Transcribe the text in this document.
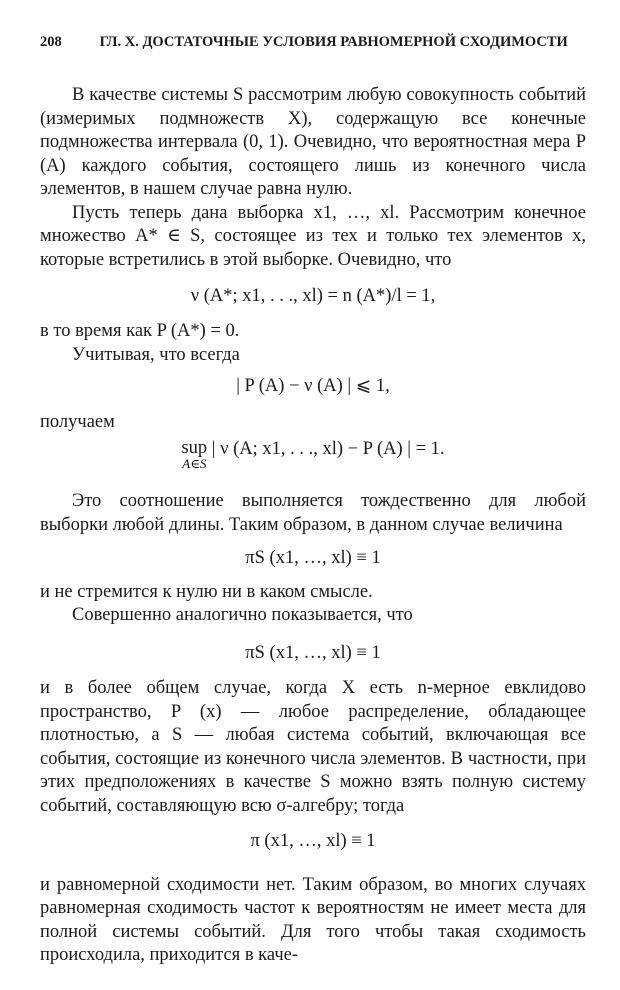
208	ГЛ. X. ДОСТАТОЧНЫЕ УСЛОВИЯ РАВНОМЕРНОЙ СХОДИМОСТИ

В качестве системы S рассмотрим любую совокупность событий (измеримых подмножеств X), содержащую все конечные подмножества интервала (0, 1). Очевидно, что вероятностная мера P (A) каждого события, состоящего лишь из конечного числа элементов, в нашем случае равна нулю.

Пусть теперь дана выборка x1, …, xl. Рассмотрим конечное множество A* ∈ S, состоящее из тех и только тех элементов x, которые встретились в этой выборке. Очевидно, что

ν (A*; x1, . . ., xl) = n (A*)/l = 1,

в то время как P (A*) = 0.

Учитывая, что всегда

| P (A) − ν (A) | ⩽ 1,

получаем

sup
A∈S
| ν (A; x1, . . ., xl) − P (A) | = 1.

Это соотношение выполняется тождественно для любой выборки любой длины. Таким образом, в данном случае величина

πS (x1, …, xl) ≡ 1

и не стремится к нулю ни в каком смысле.

Совершенно аналогично показывается, что

πS (x1, …, xl) ≡ 1

и в более общем случае, когда X есть n-мерное евклидово пространство, P (x) — любое распределение, обладающее плотностью, а S — любая система событий, включающая все события, состоящие из конечного числа элементов. В частности, при этих предположениях в качестве S можно взять полную систему событий, составляющую всю σ-алгебру; тогда

π (x1, …, xl) ≡ 1

и равномерной сходимости нет. Таким образом, во многих случаях равномерная сходимость частот к вероятностям не имеет места для полной системы событий. Для того чтобы такая сходимость происходила, приходится в каче-
